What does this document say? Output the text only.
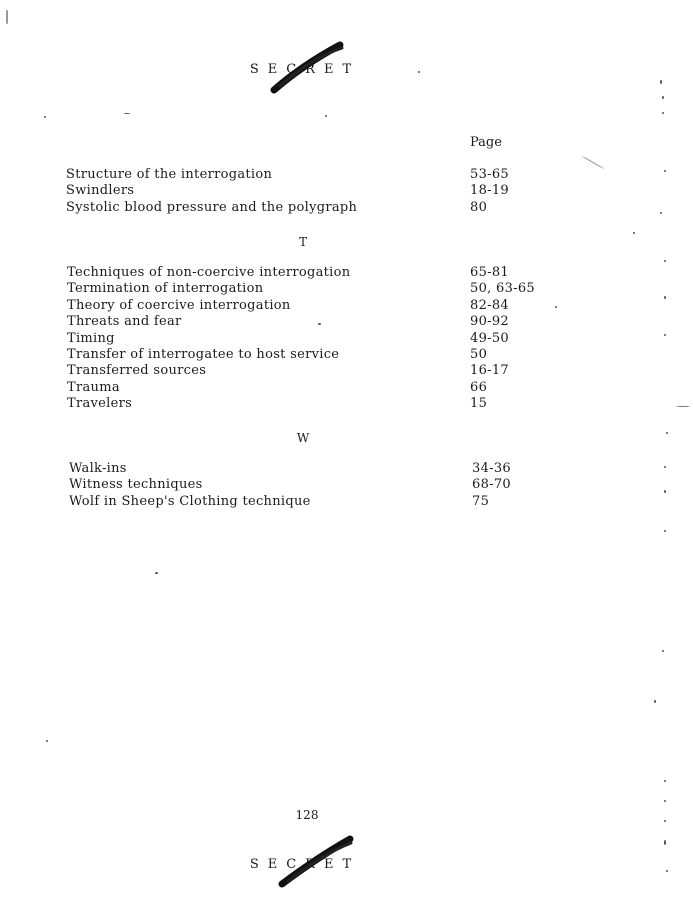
SECRET
Page
Structure of the interrogation	53-65
Swindlers	18-19
Systolic blood pressure and the polygraph	80
T
Techniques of non-coercive interrogation	65-81
Termination of interrogation	50, 63-65
Theory of coercive interrogation	82-84
Threats and fear	90-92
Timing	49-50
Transfer of interrogatee to host service	50
Transferred sources	16-17
Trauma	66
Travelers	15
W
Walk-ins	34-36
Witness techniques	68-70
Wolf in Sheep's Clothing technique	75
128
SECRET
